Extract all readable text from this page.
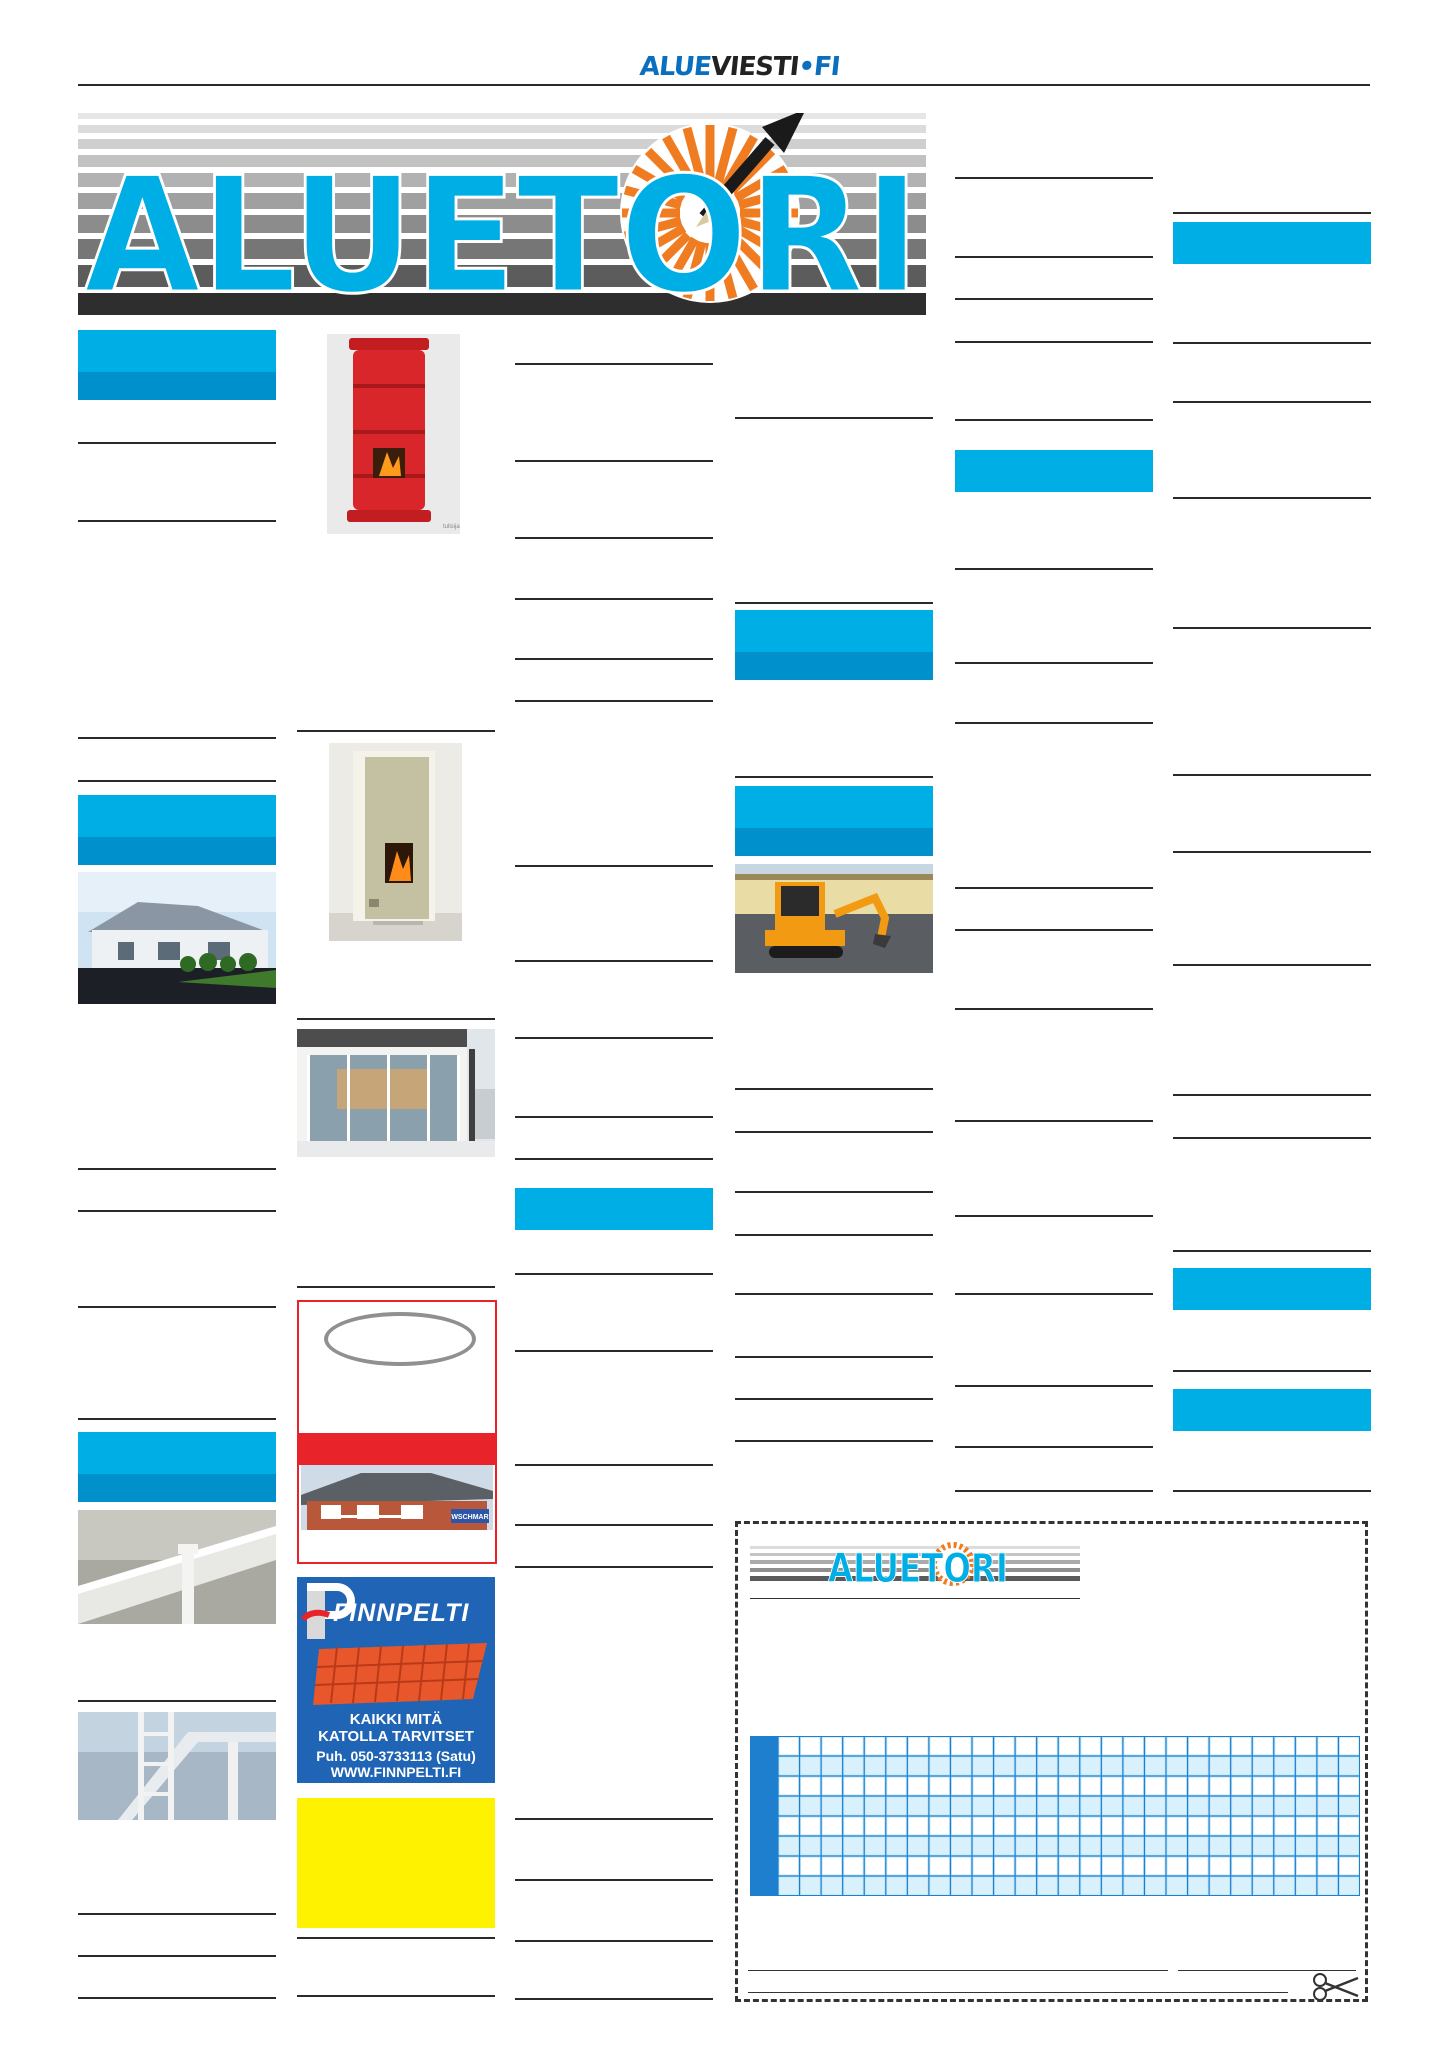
ALUEVIESTI•FI
ALUETORI
tulisija
WSCHMAR
FINNPELTI
KAIKKI MITÄ
KATOLLA TARVITSET
Puh. 050-3733113 (Satu)
WWW.FINNPELTI.FI
ALUETORI
